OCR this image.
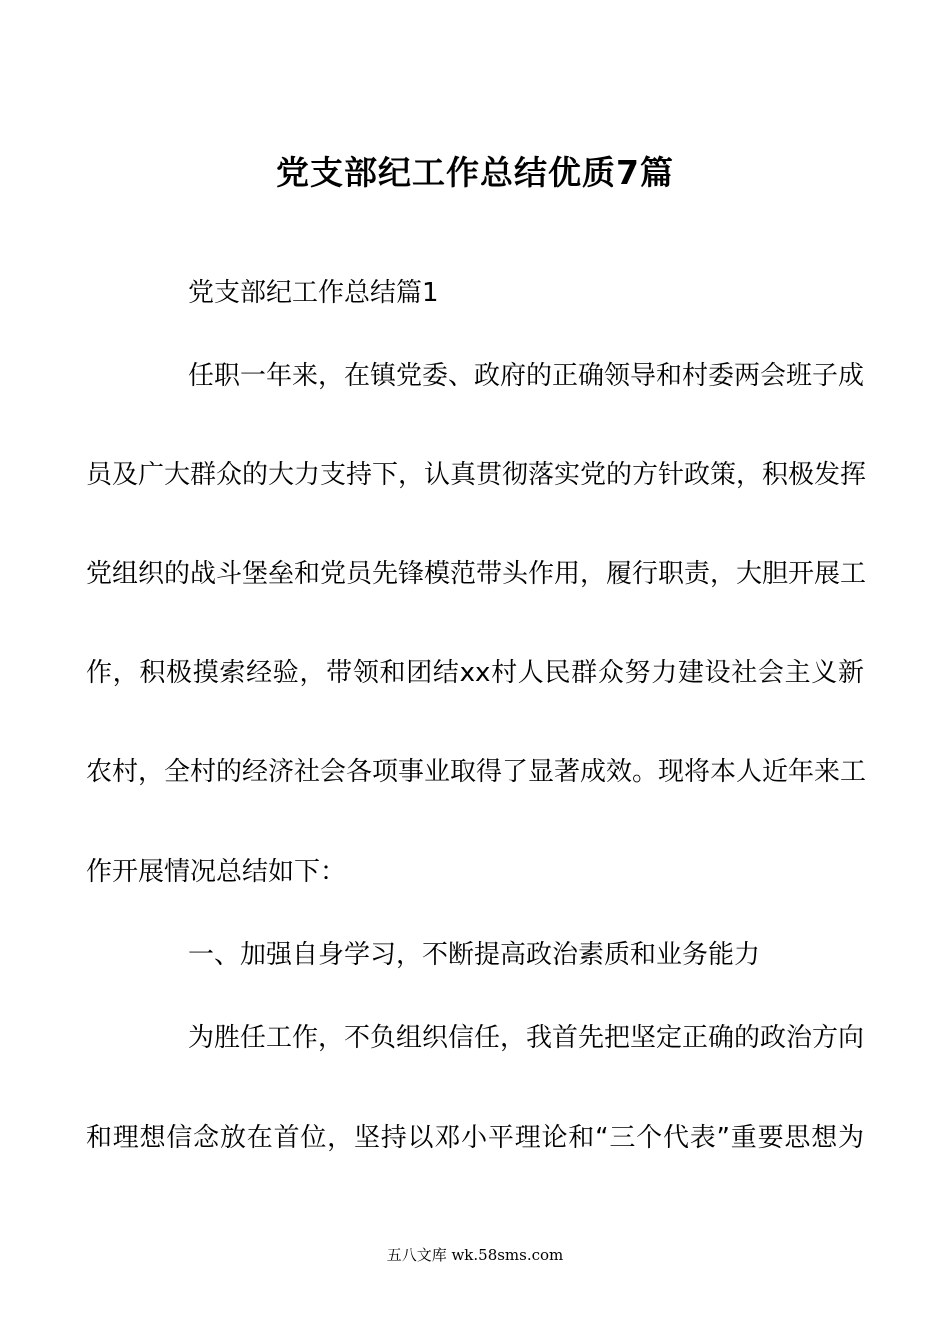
党支部纪工作总结优质7篇
党支部纪工作总结篇1
任职一年来，在镇党委、政府的正确领导和村委两会班子成
员及广大群众的大力支持下，认真贯彻落实党的方针政策，积极发挥
党组织的战斗堡垒和党员先锋模范带头作用，履行职责，大胆开展工
作，积极摸索经验，带领和团结xx村人民群众努力建设社会主义新
农村，全村的经济社会各项事业取得了显著成效。现将本人近年来工
作开展情况总结如下：
一、加强自身学习，不断提高政治素质和业务能力
为胜任工作，不负组织信任，我首先把坚定正确的政治方向
和理想信念放在首位，坚持以邓小平理论和“三个代表”重要思想为
五八文库 wk.58sms.com
